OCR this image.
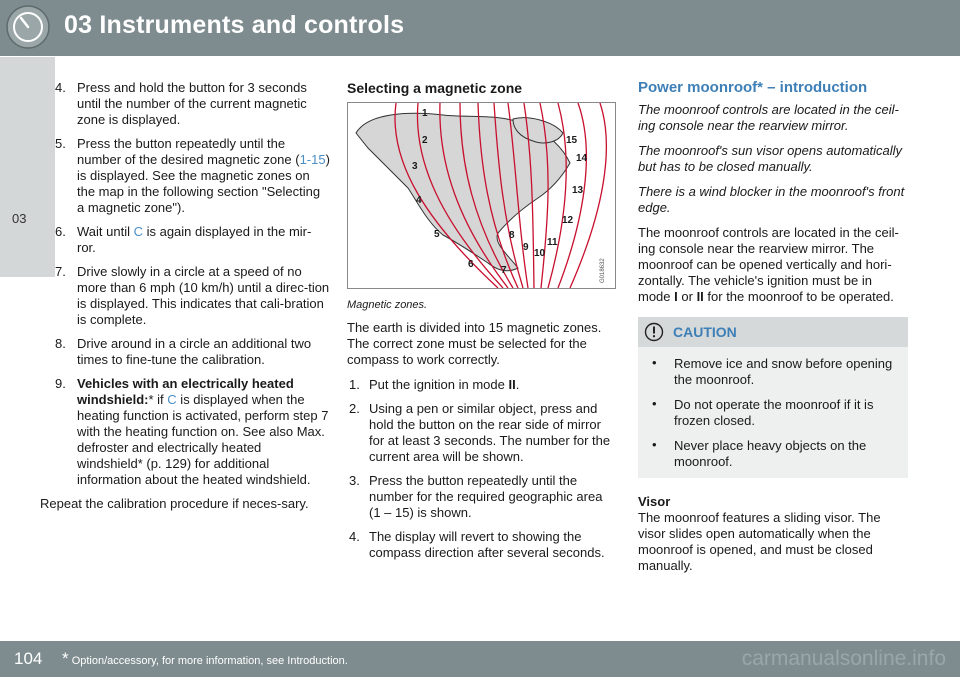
03 Instruments and controls
03
4. Press and hold the button for 3 seconds until the number of the current magnetic zone is displayed.
5. Press the button repeatedly until the number of the desired magnetic zone (1-15) is displayed. See the magnetic zones on the map in the following section "Selecting a magnetic zone").
6. Wait until C is again displayed in the mir-ror.
7. Drive slowly in a circle at a speed of no more than 6 mph (10 km/h) until a direc-tion is displayed. This indicates that cali-bration is complete.
8. Drive around in a circle an additional two times to fine-tune the calibration.
9. Vehicles with an electrically heated windshield:* if C is displayed when the heating function is activated, perform step 7 with the heating function on. See also Max. defroster and electrically heated windshield* (p. 129) for additional information about the heated windshield.

Repeat the calibration procedure if neces-sary.

Selecting a magnetic zone
1
2
3
4
5
6
7
8
9
10
11
12
13
14
15
G018632
Magnetic zones.

The earth is divided into 15 magnetic zones. The correct zone must be selected for the compass to work correctly.

1. Put the ignition in mode II.
2. Using a pen or similar object, press and hold the button on the rear side of mirror for at least 3 seconds. The number for the current area will be shown.
3. Press the button repeatedly until the number for the required geographic area (1 – 15) is shown.
4. The display will revert to showing the compass direction after several seconds.
Power moonroof* – introduction

The moonroof controls are located in the ceil-ing console near the rearview mirror.

The moonroof's sun visor opens automatically but has to be closed manually.

There is a wind blocker in the moonroof's front edge.

The moonroof controls are located in the ceil-ing console near the rearview mirror. The moonroof can be opened vertically and hori-zontally. The vehicle's ignition must be in mode I or II for the moonroof to be operated.

CAUTION
• Remove ice and snow before opening the moonroof.
• Do not operate the moonroof if it is frozen closed.
• Never place heavy objects on the moonroof.
Visor

The moonroof features a sliding visor. The visor slides open automatically when the moonroof is opened, and must be closed manually.

104 * Option/accessory, for more information, see Introduction.	carmanualsonline.info
